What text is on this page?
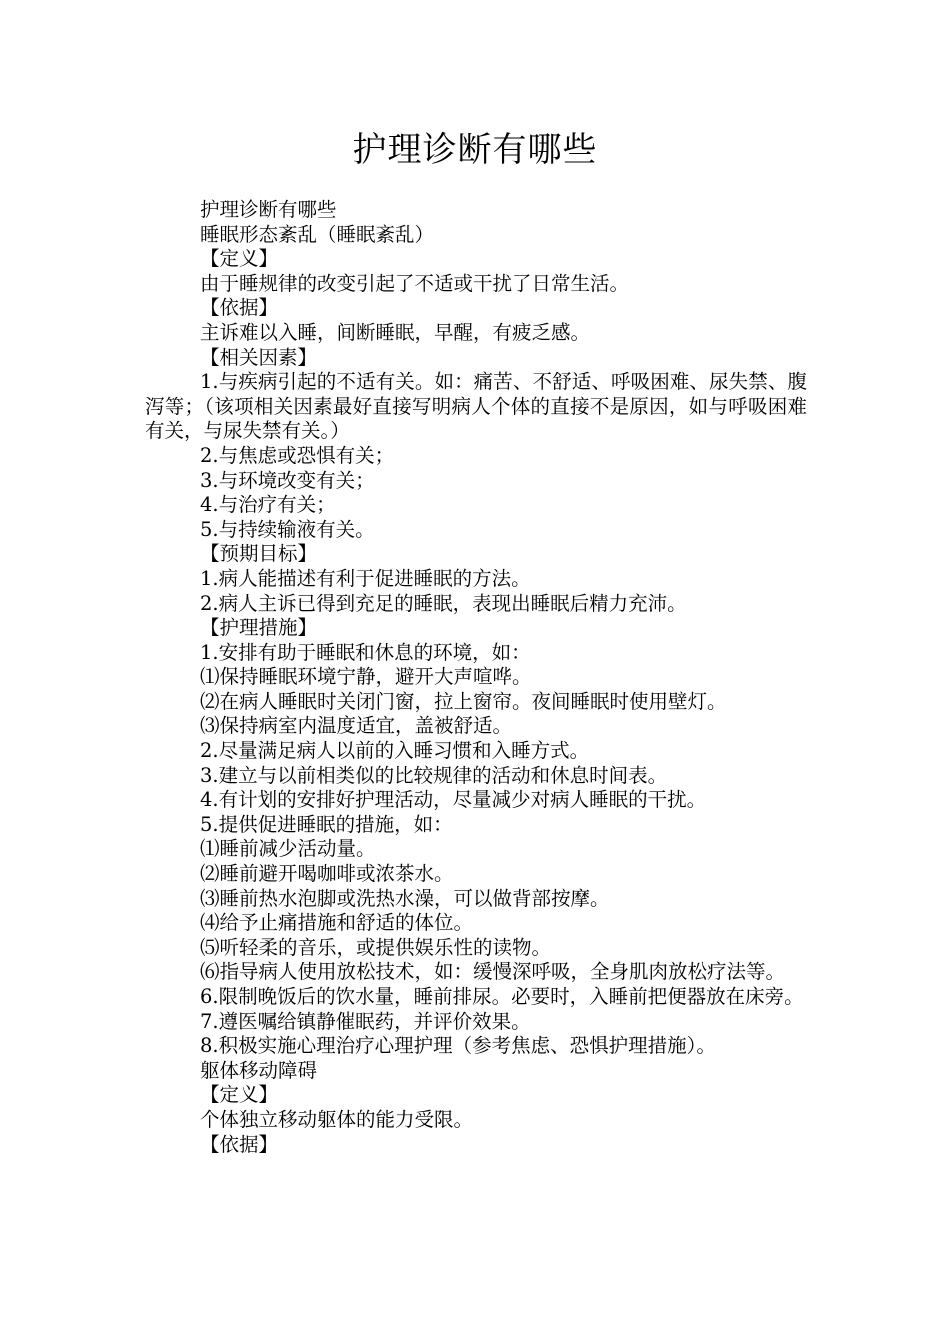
护理诊断有哪些

护理诊断有哪些

睡眠形态紊乱（睡眠紊乱）

【定义】

由于睡规律的改变引起了不适或干扰了日常生活。

【依据】

主诉难以入睡，间断睡眠，早醒，有疲乏感。

【相关因素】

1.与疾病引起的不适有关。如：痛苦、不舒适、呼吸困难、尿失禁、腹泻等；（该项相关因素最好直接写明病人个体的直接不是原因，如与呼吸困难有关，与尿失禁有关。）

2.与焦虑或恐惧有关；

3.与环境改变有关；

4.与治疗有关；

5.与持续输液有关。

【预期目标】

1.病人能描述有利于促进睡眠的方法。

2.病人主诉已得到充足的睡眠，表现出睡眠后精力充沛。

【护理措施】

1.安排有助于睡眠和休息的环境，如：

⑴保持睡眠环境宁静，避开大声喧哗。

⑵在病人睡眠时关闭门窗，拉上窗帘。夜间睡眠时使用壁灯。

⑶保持病室内温度适宜，盖被舒适。

2.尽量满足病人以前的入睡习惯和入睡方式。

3.建立与以前相类似的比较规律的活动和休息时间表。

4.有计划的安排好护理活动，尽量减少对病人睡眠的干扰。

5.提供促进睡眠的措施，如：

⑴睡前减少活动量。

⑵睡前避开喝咖啡或浓茶水。

⑶睡前热水泡脚或洗热水澡，可以做背部按摩。

⑷给予止痛措施和舒适的体位。

⑸听轻柔的音乐，或提供娱乐性的读物。

⑹指导病人使用放松技术，如：缓慢深呼吸，全身肌肉放松疗法等。

6.限制晚饭后的饮水量，睡前排尿。必要时，入睡前把便器放在床旁。

7.遵医嘱给镇静催眠药，并评价效果。

8.积极实施心理治疗心理护理（参考焦虑、恐惧护理措施）。

躯体移动障碍

【定义】

个体独立移动躯体的能力受限。

【依据】
